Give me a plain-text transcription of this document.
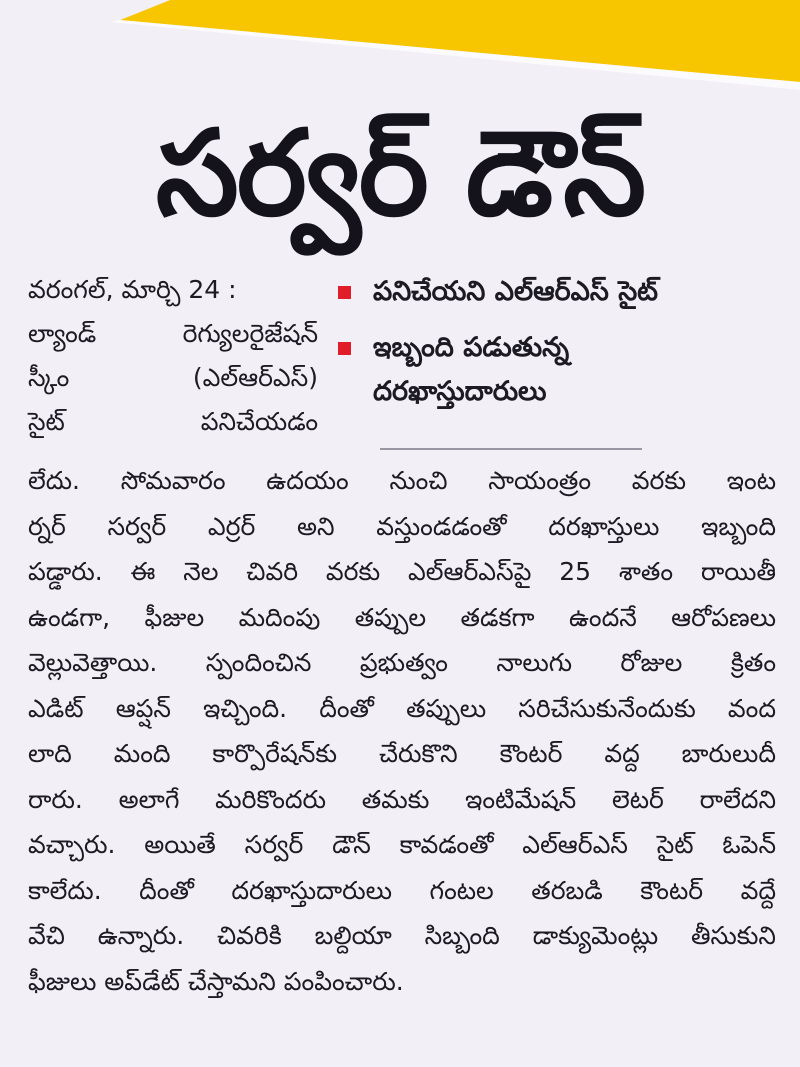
సర్వర్ డౌన్
వరంగల్, మార్చి 24 :
ల్యాండ్ రెగ్యులరైజేషన్
స్కీం (ఎల్ఆర్ఎస్)
సైట్ పనిచేయడం
పనిచేయని ఎల్ఆర్ఎస్ సైట్
ఇబ్బంది పడుతున్న
దరఖాస్తుదారులు
లేదు. సోమవారం ఉదయం నుంచి సాయంత్రం వరకు ఇంట
ర్నర్ సర్వర్ ఎర్రర్ అని వస్తుండడంతో దరఖాస్తులు ఇబ్బంది
పడ్డారు. ఈ నెల చివరి వరకు ఎల్ఆర్ఎస్‌పై 25 శాతం రాయితీ
ఉండగా, ఫీజుల మదింపు తప్పుల తడకగా ఉందనే ఆరోపణలు
వెల్లువెత్తాయి. స్పందించిన ప్రభుత్వం నాలుగు రోజుల క్రితం
ఎడిట్ ఆప్షన్ ఇచ్చింది. దీంతో తప్పులు సరిచేసుకునేందుకు వంద
లాది మంది కార్పొరేషన్‌కు చేరుకొని కౌంటర్ వద్ద బారులుదీ
రారు. అలాగే మరికొందరు తమకు ఇంటిమేషన్ లెటర్ రాలేదని
వచ్చారు. అయితే సర్వర్ డౌన్ కావడంతో ఎల్ఆర్ఎస్ సైట్ ఓపెన్
కాలేదు. దీంతో దరఖాస్తుదారులు గంటల తరబడి కౌంటర్ వద్దే
వేచి ఉన్నారు. చివరికి బల్దియా సిబ్బంది డాక్యుమెంట్లు తీసుకుని
ఫీజులు అప్‌డేట్ చేస్తామని పంపించారు.
